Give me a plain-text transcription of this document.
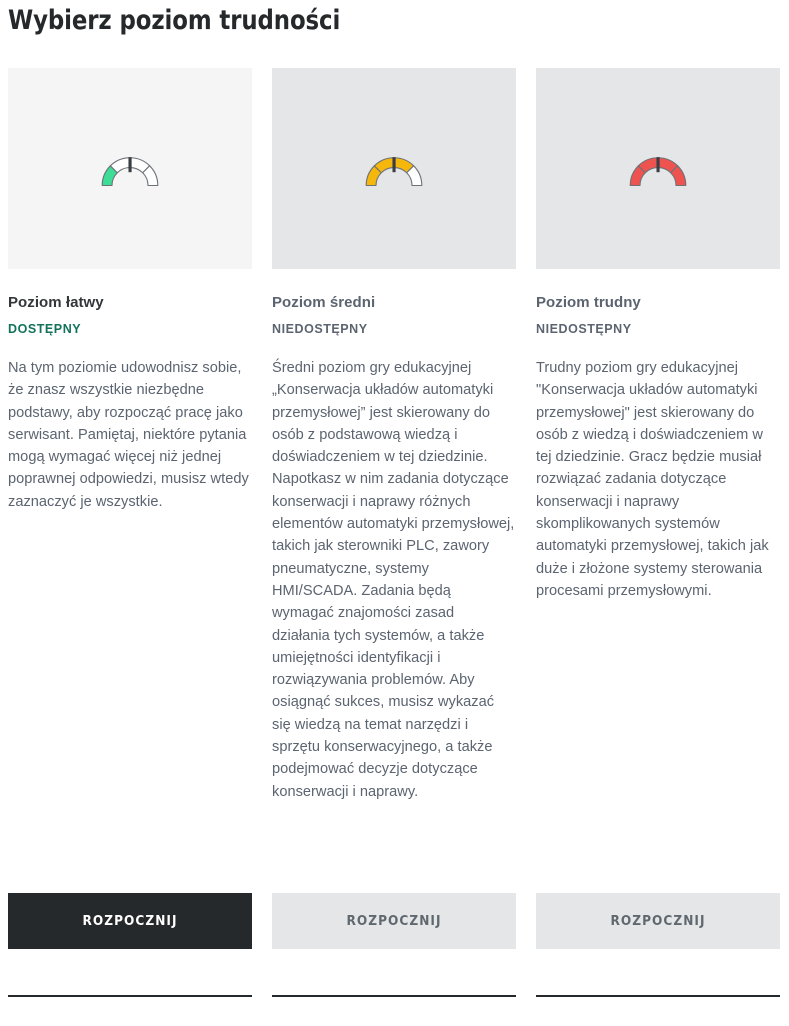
Wybierz poziom trudności
Poziom łatwy
DOSTĘPNY
Na tym poziomie udowodnisz sobie, że znasz wszystkie niezbędne podstawy, aby rozpocząć pracę jako serwisant. Pamiętaj, niektóre pytania mogą wymagać więcej niż jednej poprawnej odpowiedzi, musisz wtedy zaznaczyć je wszystkie.
Poziom średni
NIEDOSTĘPNY
Średni poziom gry edukacyjnej „Konserwacja układów automatyki przemysłowej” jest skierowany do osób z podstawową wiedzą i doświadczeniem w tej dziedzinie. Napotkasz w nim zadania dotyczące konserwacji i naprawy różnych elementów automatyki przemysłowej, takich jak sterowniki PLC, zawory pneumatyczne, systemy HMI/SCADA. Zadania będą wymagać znajomości zasad działania tych systemów, a także umiejętności identyfikacji i rozwiązywania problemów. Aby osiągnąć sukces, musisz wykazać się wiedzą na temat narzędzi i sprzętu konserwacyjnego, a także podejmować decyzje dotyczące konserwacji i naprawy.
Poziom trudny
NIEDOSTĘPNY
Trudny poziom gry edukacyjnej "Konserwacja układów automatyki przemysłowej" jest skierowany do osób z wiedzą i doświadczeniem w tej dziedzinie. Gracz będzie musiał rozwiązać zadania dotyczące konserwacji i naprawy skomplikowanych systemów automatyki przemysłowej, takich jak duże i złożone systemy sterowania procesami przemysłowymi.
ROZPOCZNIJ	ROZPOCZNIJ	ROZPOCZNIJ
